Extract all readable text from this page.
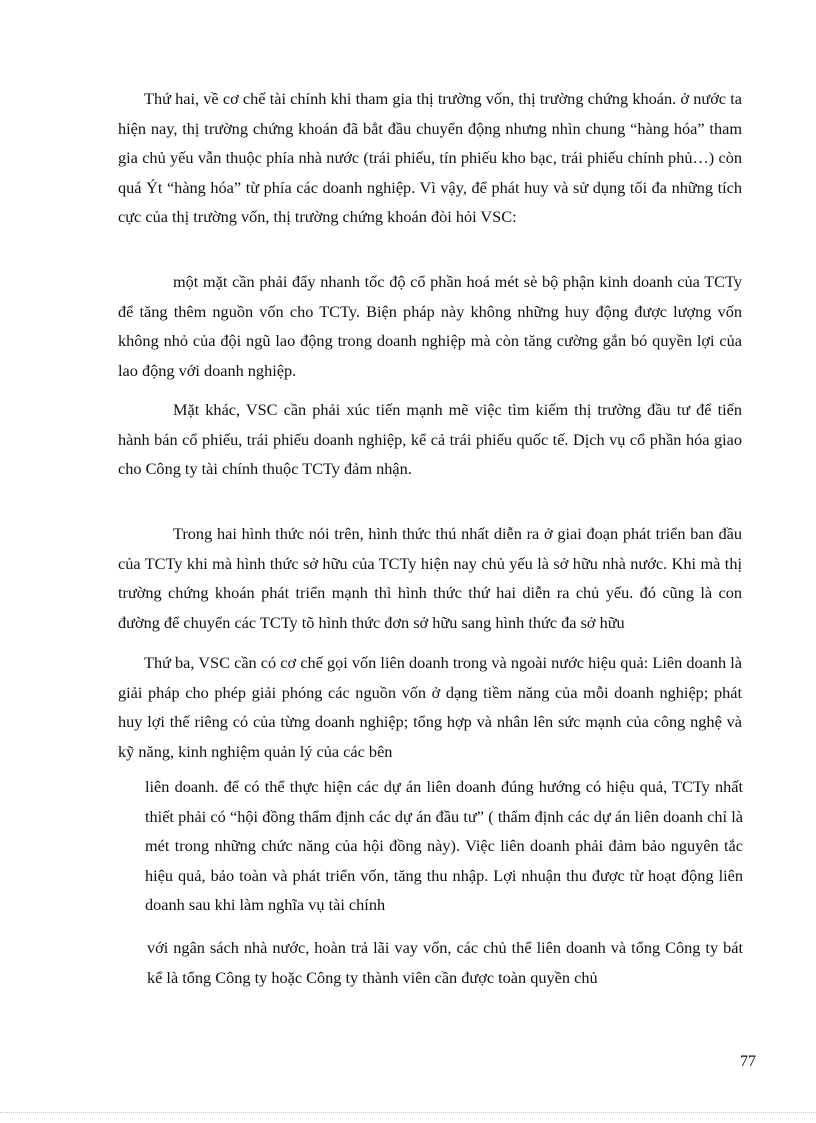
Thứ hai, về cơ chế tài chính khi tham gia thị trường vốn, thị trường chứng khoán. ở nước ta hiện nay, thị trường chứng khoán đã bắt đầu chuyển động nhưng nhìn chung “hàng hóa” tham gia chủ yếu vẫn thuộc phía nhà nước (trái phiếu, tín phiếu kho bạc, trái phiếu chính phủ…) còn quá Ýt “hàng hóa” từ phía các doanh nghiệp. Vì vậy, để phát huy và sử dụng tối đa những tích cực của thị trường vốn, thị trường chứng khoán đòi hỏi VSC:

một mặt cần phải đẩy nhanh tốc độ cổ phần hoá mét sè bộ phận kinh doanh của TCTy để tăng thêm nguồn vốn cho TCTy. Biện pháp này không những huy động được lượng vốn không nhỏ của đội ngũ lao động trong doanh nghiệp mà còn tăng cường gắn bó quyền lợi của lao động với doanh nghiệp.

Mặt khác, VSC cần phải xúc tiến mạnh mẽ việc tìm kiếm thị trường đầu tư để tiến hành bán cổ phiếu, trái phiếu doanh nghiệp, kể cả trái phiếu quốc tế. Dịch vụ cổ phần hóa giao cho Công ty tài chính thuộc TCTy đảm nhận.

Trong hai hình thức nói trên, hình thức thú nhất diễn ra ở giai đoạn phát triển ban đầu của TCTy khi mà hình thức sở hữu của TCTy hiện nay chủ yếu là sở hữu nhà nước. Khi mà thị trường chứng khoán phát triển mạnh thì hình thức thứ hai diễn ra chủ yếu. đó cũng là con đường để chuyển các TCTy tõ hình thức đơn sở hữu sang hình thức đa sở hữu

Thứ ba, VSC cần có cơ chế gọi vốn liên doanh trong và ngoài nước hiệu quả: Liên doanh là giải pháp cho phép giải phóng các nguồn vốn ở dạng tiềm năng của mỗi doanh nghiệp; phát huy lợi thế riêng có của từng doanh nghiệp; tổng hợp và nhân lên sức mạnh của công nghệ và kỹ năng, kinh nghiệm quản lý của các bên

liên doanh. để có thể thực hiện các dự án liên doanh đúng hướng có hiệu quả, TCTy nhất thiết phải có “hội đồng thẩm định các dự án đầu tư” ( thẩm định các dự án liên doanh chỉ là mét trong những chức năng của hội đồng này). Việc liên doanh phải đảm bảo nguyên tắc hiệu quả, bảo toàn và phát triển vốn, tăng thu nhập. Lợi nhuận thu được từ hoạt động liên doanh sau khi làm nghĩa vụ tài chính

với ngân sách nhà nước, hoàn trả lãi vay vốn, các chủ thể liên doanh và tổng Công ty bát kể là tổng Công ty hoặc Công ty thành viên cần được toàn quyền chủ

77
